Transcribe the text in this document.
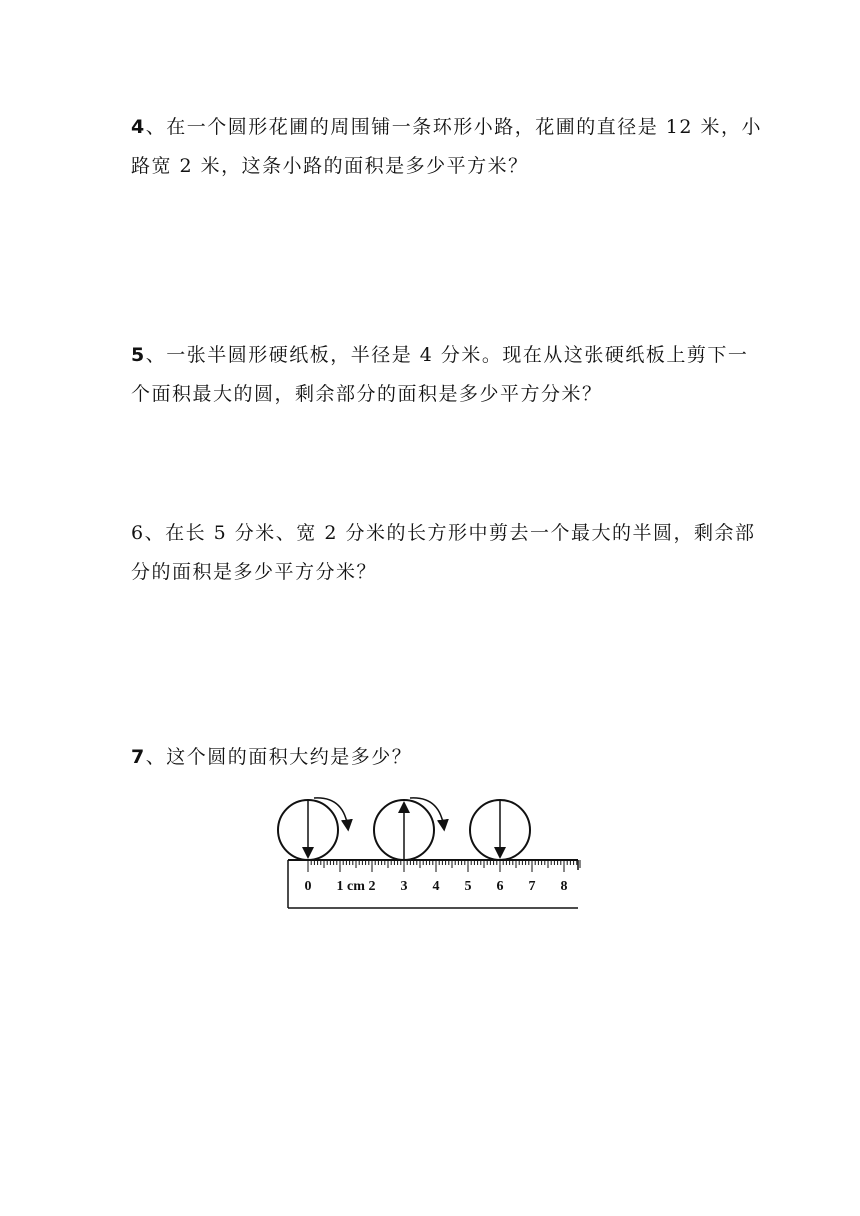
4、在一个圆形花圃的周围铺一条环形小路，花圃的直径是 12 米，小
路宽 2 米，这条小路的面积是多少平方米？
5、一张半圆形硬纸板，半径是 4 分米。现在从这张硬纸板上剪下一
个面积最大的圆，剩余部分的面积是多少平方分米？
6、在长 5 分米、宽 2 分米的长方形中剪去一个最大的半圆，剩余部
分的面积是多少平方分米？
7、这个圆的面积大约是多少？
0 1 cm 2 3 4 5 6 7 8
